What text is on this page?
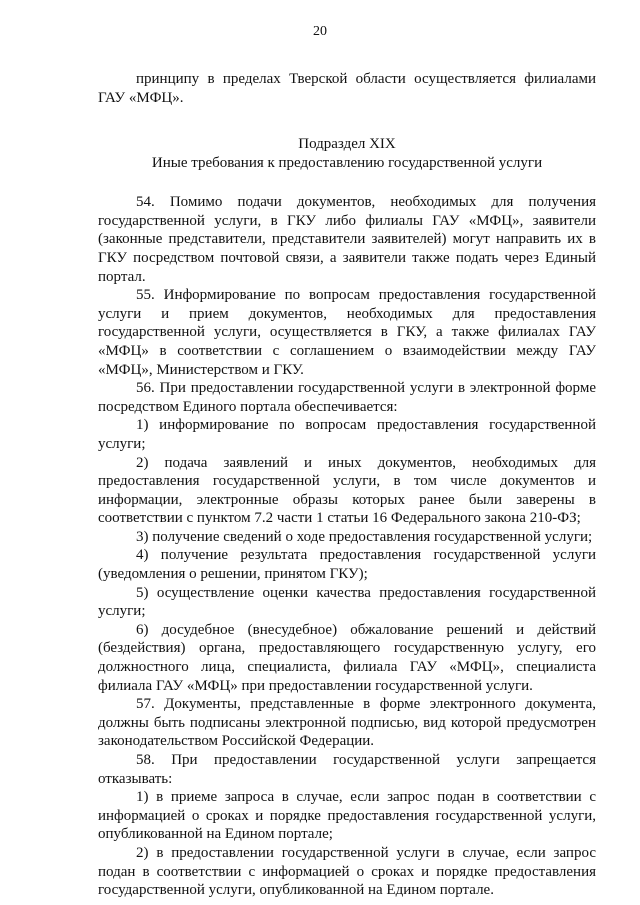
20

принципу в пределах Тверской области осуществляется филиалами ГАУ «МФЦ».

Подраздел XIX
Иные требования к предоставлению государственной услуги

54. Помимо подачи документов, необходимых для получения государственной услуги, в ГКУ либо филиалы ГАУ «МФЦ», заявители (законные представители, представители заявителей) могут направить их в ГКУ посредством почтовой связи, а заявители также подать через Единый портал.

55. Информирование по вопросам предоставления государственной услуги и прием документов, необходимых для предоставления государственной услуги, осуществляется в ГКУ, а также филиалах ГАУ «МФЦ» в соответствии с соглашением о взаимодействии между ГАУ «МФЦ», Министерством и ГКУ.

56. При предоставлении государственной услуги в электронной форме посредством Единого портала обеспечивается:

1) информирование по вопросам предоставления государственной услуги;

2) подача заявлений и иных документов, необходимых для предоставления государственной услуги, в том числе документов и информации, электронные образы которых ранее были заверены в соответствии с пунктом 7.2 части 1 статьи 16 Федерального закона 210-ФЗ;

3) получение сведений о ходе предоставления государственной услуги;

4) получение результата предоставления государственной услуги (уведомления о решении, принятом ГКУ);

5) осуществление оценки качества предоставления государственной услуги;

6) досудебное (внесудебное) обжалование решений и действий (бездействия) органа, предоставляющего государственную услугу, его должностного лица, специалиста, филиала ГАУ «МФЦ», специалиста филиала ГАУ «МФЦ» при предоставлении государственной услуги.

57. Документы, представленные в форме электронного документа, должны быть подписаны электронной подписью, вид которой предусмотрен законодательством Российской Федерации.

58. При предоставлении государственной услуги запрещается отказывать:

1) в приеме запроса в случае, если запрос подан в соответствии с информацией о сроках и порядке предоставления государственной услуги, опубликованной на Едином портале;

2) в предоставлении государственной услуги в случае, если запрос подан в соответствии с информацией о сроках и порядке предоставления государственной услуги, опубликованной на Едином портале.
